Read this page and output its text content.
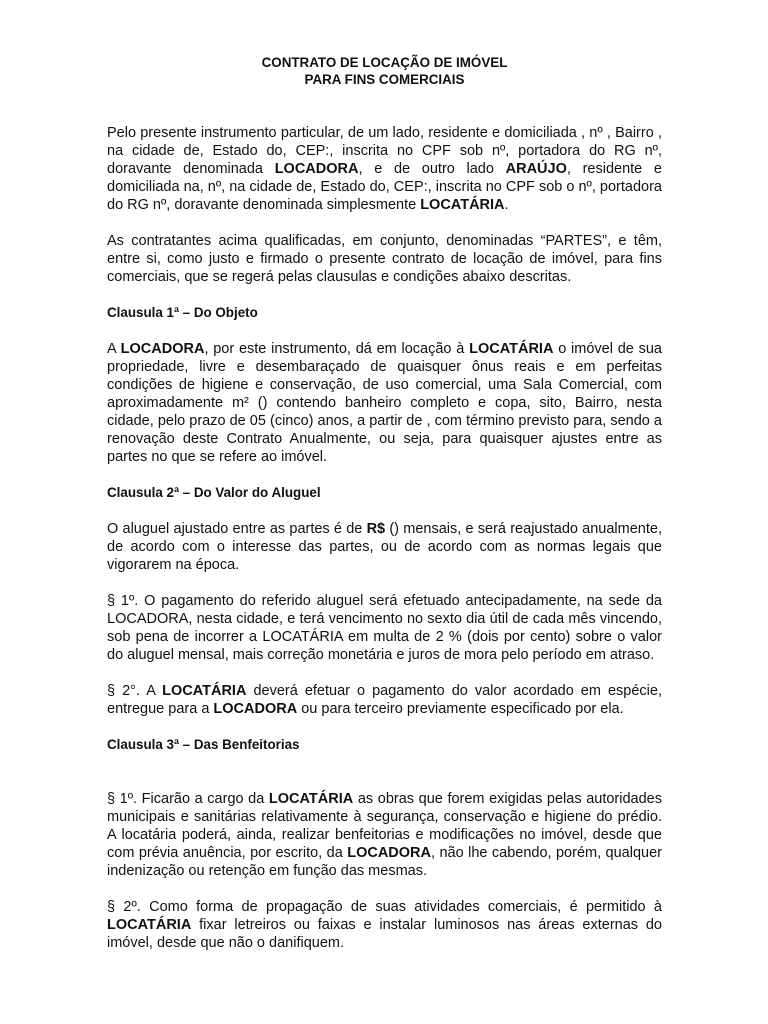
CONTRATO DE LOCAÇÃO DE IMÓVEL
PARA FINS COMERCIAIS

Pelo presente instrumento particular, de um lado, residente e domiciliada , nº , Bairro , na cidade de, Estado do, CEP:, inscrita no CPF sob nº, portadora do RG nº, doravante denominada LOCADORA, e de outro lado ARAÚJO, residente e domiciliada na, nº, na cidade de, Estado do, CEP:, inscrita no CPF sob o nº, portadora do RG nº, doravante denominada simplesmente LOCATÁRIA.

As contratantes acima qualificadas, em conjunto, denominadas “PARTES”, e têm, entre si, como justo e firmado o presente contrato de locação de imóvel, para fins comerciais, que se regerá pelas clausulas e condições abaixo descritas.

Clausula 1ª – Do Objeto

A LOCADORA, por este instrumento, dá em locação à LOCATÁRIA o imóvel de sua propriedade, livre e desembaraçado de quaisquer ônus reais e em perfeitas condições de higiene e conservação, de uso comercial, uma Sala Comercial, com aproximadamente m² () contendo banheiro completo e copa, sito, Bairro, nesta cidade, pelo prazo de 05 (cinco) anos, a partir de , com término previsto para, sendo a renovação deste Contrato Anualmente, ou seja, para quaisquer ajustes entre as partes no que se refere ao imóvel.

Clausula 2ª – Do Valor do Aluguel

O aluguel ajustado entre as partes é de R$ () mensais, e será reajustado anualmente, de acordo com o interesse das partes, ou de acordo com as normas legais que vigorarem na época.

§ 1º. O pagamento do referido aluguel será efetuado antecipadamente, na sede da LOCADORA, nesta cidade, e terá vencimento no sexto dia útil de cada mês vincendo, sob pena de incorrer a LOCATÁRIA em multa de 2 % (dois por cento) sobre o valor do aluguel mensal, mais correção monetária e juros de mora pelo período em atraso.

§ 2°. A LOCATÁRIA deverá efetuar o pagamento do valor acordado em espécie, entregue para a LOCADORA ou para terceiro previamente especificado por ela.

Clausula 3ª – Das Benfeitorias

§ 1º. Ficarão a cargo da LOCATÁRIA as obras que forem exigidas pelas autoridades municipais e sanitárias relativamente à segurança, conservação e higiene do prédio. A locatária poderá, ainda, realizar benfeitorias e modificações no imóvel, desde que com prévia anuência, por escrito, da LOCADORA, não lhe cabendo, porém, qualquer indenização ou retenção em função das mesmas.

§ 2º. Como forma de propagação de suas atividades comerciais, é permitido à LOCATÁRIA fixar letreiros ou faixas e instalar luminosos nas áreas externas do imóvel, desde que não o danifiquem.
